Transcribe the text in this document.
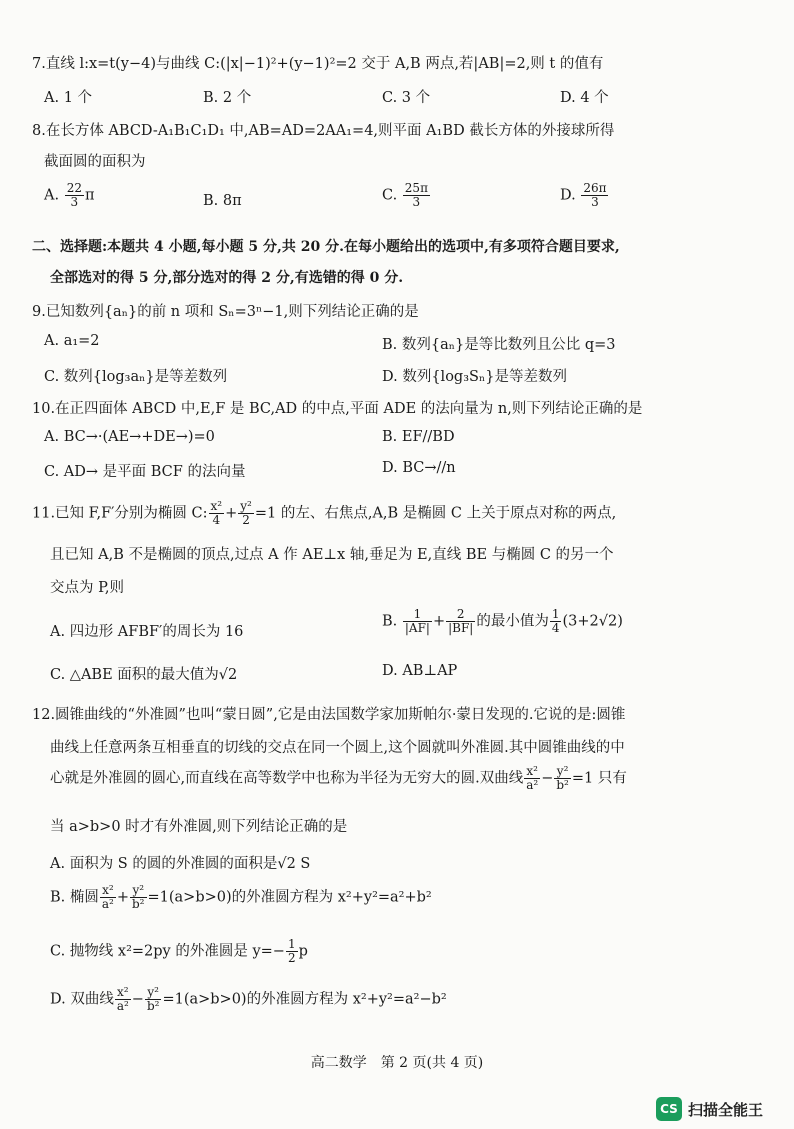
7.直线 l:x=t(y−4)与曲线 C:(|x|−1)²+(y−1)²=2 交于 A,B 两点,若|AB|=2,则 t 的值有
A. 1 个	B. 2 个	C. 3 个	D. 4 个
8.在长方体 ABCD-A₁B₁C₁D₁ 中,AB=AD=2AA₁=4,则平面 A₁BD 截长方体的外接球所得
截面圆的面积为
A. $\frac{22}{3}$ π	B. 8π	C. $\frac{25\pi}{3}$	D. $\frac{26\pi}{3}$
二、选择题:本题共 4 小题,每小题 5 分,共 20 分.在每小题给出的选项中,有多项符合题目要求,
全部选对的得 5 分,部分选对的得 2 分,有选错的得 0 分.
9.已知数列{aₙ}的前 n 项和 Sₙ=3ⁿ−1,则下列结论正确的是
A. a₁=2	B. 数列{aₙ}是等比数列且公比 q=3
C. 数列{log₃aₙ}是等差数列	D. 数列{log₃Sₙ}是等差数列
10.在正四面体 ABCD 中,E,F 是 BC,AD 的中点,平面 ADE 的法向量为 n,则下列结论正确的是
A. BC→·(AE→+DE→)=0	B. EF//BD
C. AD→ 是平面 BCF 的法向量	D. BC→//n
11.已知 F,F′分别为椭圆 C: $\frac{\text{x²}}{4} + \frac{\text{y²}}{2} =1$ 的左、右焦点,A,B 是椭圆 C 上关于原点对称的两点,
且已知 A,B 不是椭圆的顶点,过点 A 作 AE⊥x 轴,垂足为 E,直线 BE 与椭圆 C 的另一个
交点为 P,则
A. 四边形 AFBF′的周长为 16
B. $\frac{1}{|AF|} + \frac{2}{|BF|}$ 的最小值为 $\frac{1}{4} (3+2√2)$
C. △ABE 面积的最大值为√2	D. AB⊥AP
12.圆锥曲线的“外准圆”也叫“蒙日圆”,它是由法国数学家加斯帕尔·蒙日发现的.它说的是:圆锥
曲线上任意两条互相垂直的切线的交点在同一个圆上,这个圆就叫外准圆.其中圆锥曲线的中
心就是外准圆的圆心,而直线在高等数学中也称为半径为无穷大的圆.双曲线 $\frac{\text{x²}}{\text{a²}} - \frac{\text{y²}}{\text{b²}} =1$ 只有
当 a>b>0 时才有外准圆,则下列结论正确的是
A. 面积为 S 的圆的外准圆的面积是√2 S
B. 椭圆 $\frac{\text{x²}}{\text{a²}} + \frac{\text{y²}}{\text{b²}} =1(a>b>0)$的外准圆方程为 x²+y²=a²+b²
C. 抛物线 x²=2py 的外准圆是 $y=- \frac{1}{2}$ p
D. 双曲线 $\frac{\text{x²}}{\text{a²}} - \frac{\text{y²}}{\text{b²}} =1(a>b>0)$的外准圆方程为 x²+y²=a²−b²
高二数学　第 2 页(共 4 页)
CS 扫描全能王
